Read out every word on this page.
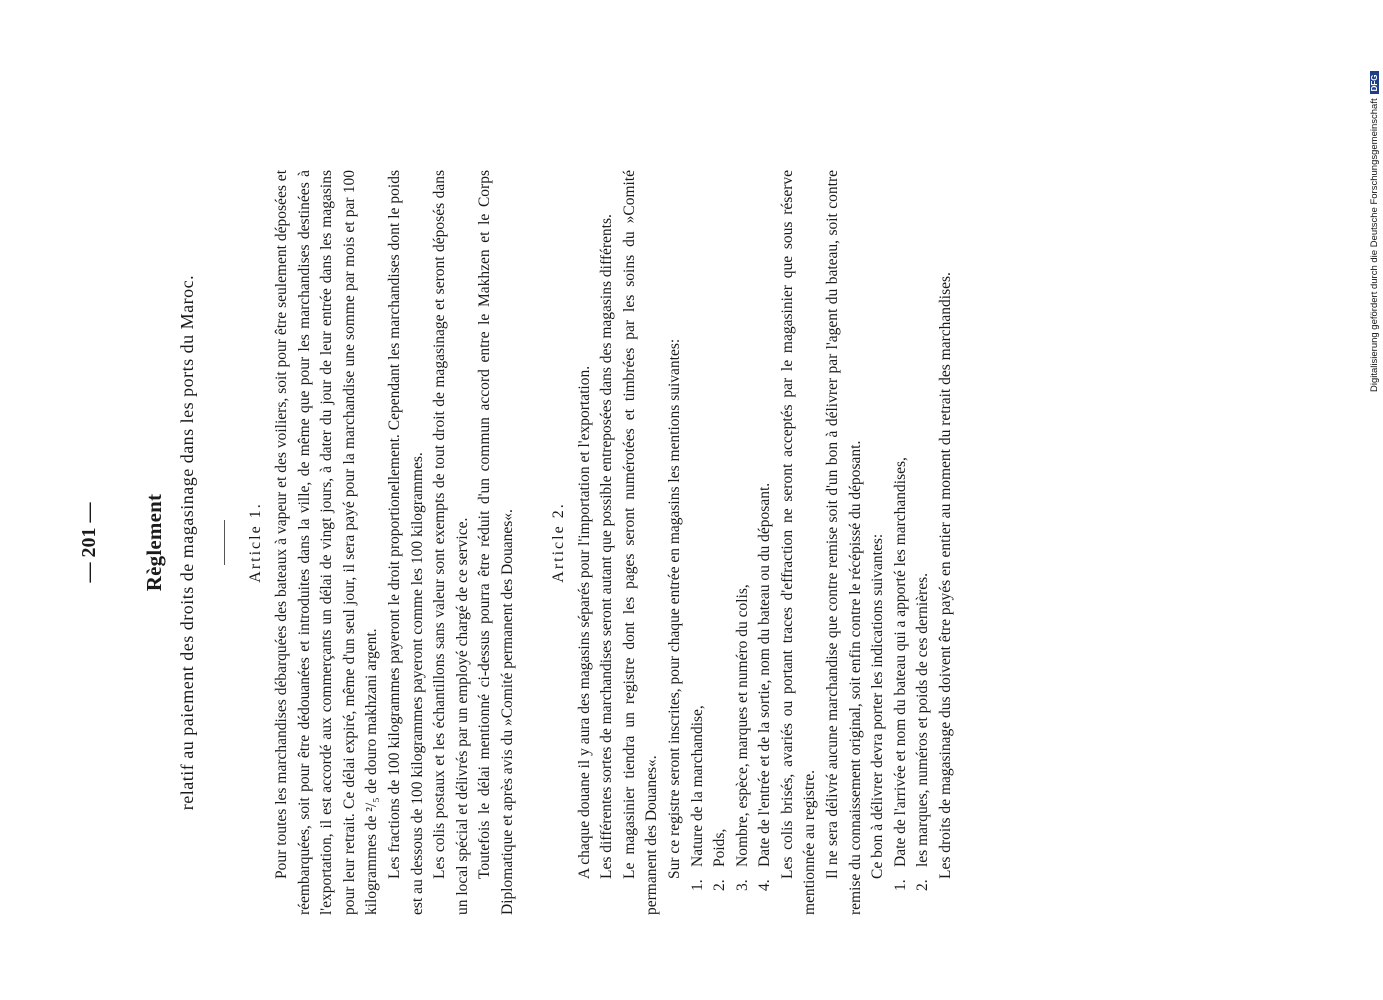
— 201 — Règlement relatif au paiement des droits de magasinage dans les ports du Maroc.	Article 1. Pour toutes les marchandises débarquées des bateaux à vapeur et des voiliers, soit pour être seulement déposées et réembarquées, soit pour être dédouanées et introduites dans la ville, de même que pour les marchandises destinées à l'exportation, il est accordé aux commerçants un délai de vingt jours, à dater du jour de leur entrée dans les magasins pour leur retrait. Ce délai expiré, même d'un seul jour, il sera payé pour la marchandise une somme par mois et par 100 kilogrammes de ²/₅ de douro makhzani argent. Les fractions de 100 kilogrammes payeront le droit proportionellement. Cependant les marchandises dont le poids est au dessous de 100 kilogrammes payeront comme les 100 kilogrammes. Les colis postaux et les échantillons sans valeur sont exempts de tout droit de magasinage et seront déposés dans un local spécial et délivrés par un employé chargé de ce service. Toutefois le délai mentionné ci-dessus pourra être réduit d'un commun accord entre le Makhzen et le Corps Diplomatique et après avis du »Comité permanent des Douanes«. Article 2. A chaque douane il y aura des magasins séparés pour l'importation et l'exportation. Les différentes sortes de marchandises seront autant que possible entreposées dans des magasins différents. Le magasinier tiendra un registre dont les pages seront numérotées et timbrées par les soins du »Comité permanent des Douanes«. Sur ce registre seront inscrites, pour chaque entrée en magasins les mentions suivantes:

1.Nature de la marchandise,
2.Poids,
3.Nombre, espèce, marques et numéro du colis,
4.Date de l'entrée et de la sortie, nom du bateau ou du déposant. Les colis brisés, avariés ou portant traces d'effraction ne seront acceptés par le magasinier que sous réserve mentionnée au registre. Il ne sera délivré aucune marchandise que contre remise soit d'un bon à délivrer par l'agent du bateau, soit contre remise du connaissement original, soit enfin contre le récépissé du déposant. Ce bon à délivrer devra porter les indications suivantes:

1.Date de l'arrivée et nom du bateau qui a apporté les marchandises,
2.les marques, numéros et poids de ces dernières. Les droits de magasinage dus doivent être payés en entier au moment du retrait des marchandises.

Digitalisierung gefördert durch die Deutsche Forschungsgemeinschaft
DFG
